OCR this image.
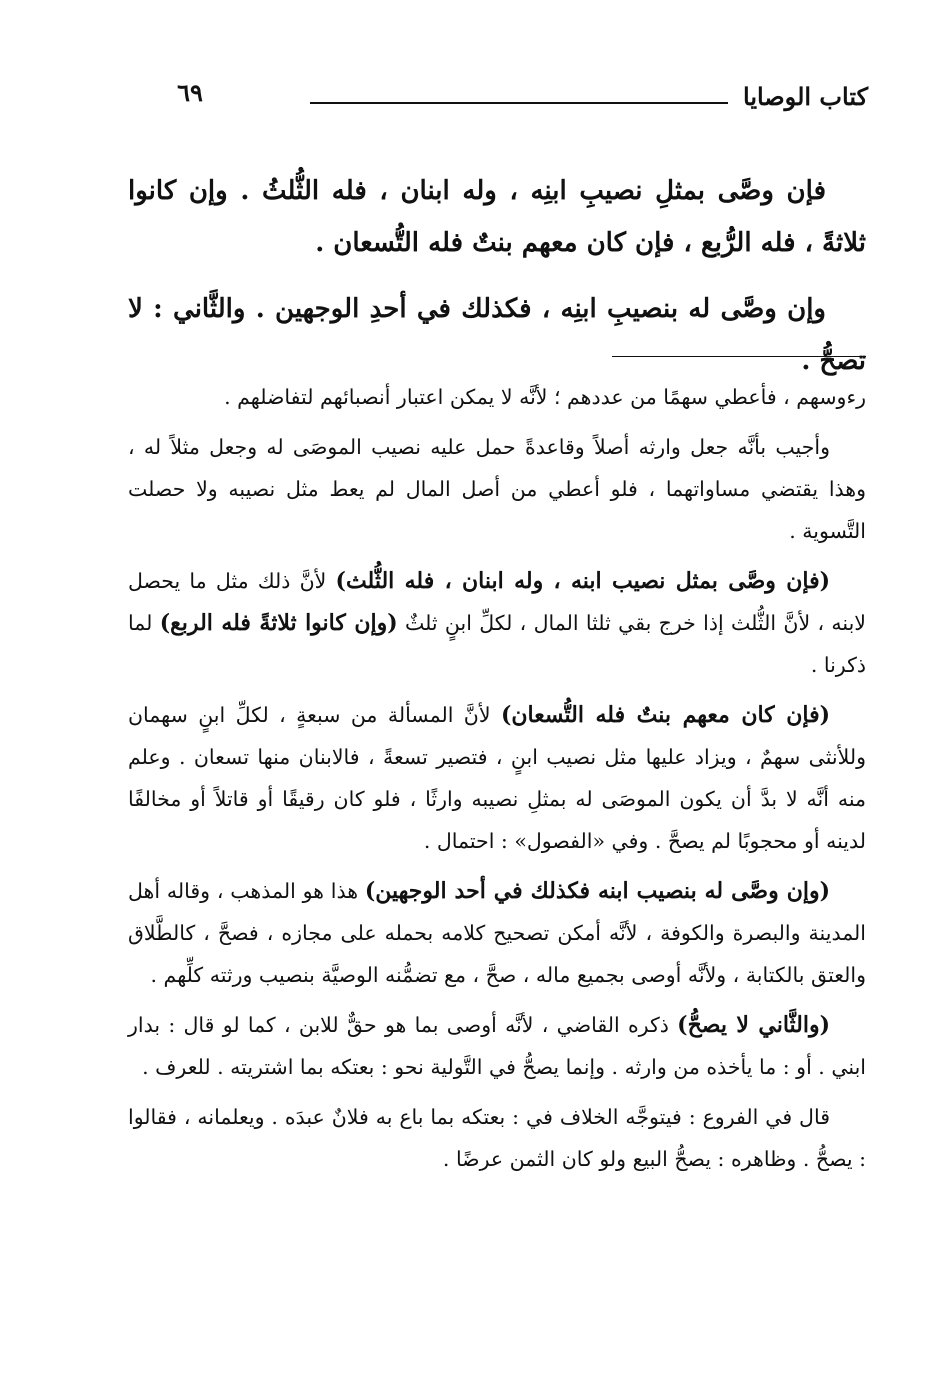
كتاب الوصايا
٦٩

فإن وصَّى بمثلِ نصيبِ ابنِه ، وله ابنان ، فله الثُّلثُ . وإن كانوا ثلاثةً ، فله الرُّبع ، فإن كان معهم بنتٌ فله التُّسعان .

وإن وصَّى له بنصيبِ ابنِه ، فكذلك في أحدِ الوجهين . والثَّاني : لا تصحُّ .

رءوسهم ، فأعطي سهمًا من عددهم ؛ لأنَّه لا يمكن اعتبار أنصبائهم لتفاضلهم .

وأجيب بأنَّه جعل وارثه أصلاً وقاعدةً حمل عليه نصيب الموصَى له وجعل مثلاً له ، وهذا يقتضي مساواتهما ، فلو أعطي من أصل المال لم يعط مثل نصيبه ولا حصلت التَّسوية .

(فإن وصَّى بمثل نصيب ابنه ، وله ابنان ، فله الثُّلث) لأنَّ ذلك مثل ما يحصل لابنه ، لأنَّ الثُّلث إذا خرج بقي ثلثا المال ، لكلِّ ابنٍ ثلثٌ (وإن كانوا ثلاثةً فله الربع) لما ذكرنا .

(فإن كان معهم بنتٌ فله التُّسعان) لأنَّ المسألة من سبعةٍ ، لكلِّ ابنٍ سهمان وللأنثى سهمٌ ، ويزاد عليها مثل نصيب ابنٍ ، فتصير تسعةً ، فالابنان منها تسعان . وعلم منه أنَّه لا بدَّ أن يكون الموصَى له بمثلِ نصيبه وارثًا ، فلو كان رقيقًا أو قاتلاً أو مخالفًا لدينه أو محجوبًا لم يصحَّ . وفي «الفصول» : احتمال .

(وإن وصَّى له بنصيب ابنه فكذلك في أحد الوجهين) هذا هو المذهب ، وقاله أهل المدينة والبصرة والكوفة ، لأنَّه أمكن تصحيح كلامه بحمله على مجازه ، فصحَّ ، كالطَّلاق والعتق بالكتابة ، ولأنَّه أوصى بجميع ماله ، صحَّ ، مع تضمُّنه الوصيَّة بنصيب ورثته كلِّهم .

(والثَّاني لا يصحُّ) ذكره القاضي ، لأنَّه أوصى بما هو حقٌّ للابن ، كما لو قال : بدار ابني . أو : ما يأخذه من وارثه . وإنما يصحُّ في التَّولية نحو : بعتكه بما اشتريته . للعرف .

قال في الفروع : فيتوجَّه الخلاف في : بعتكه بما باع به فلانٌ عبدَه . ويعلمانه ، فقالوا : يصحُّ . وظاهره : يصحُّ البيع ولو كان الثمن عرضًا .
